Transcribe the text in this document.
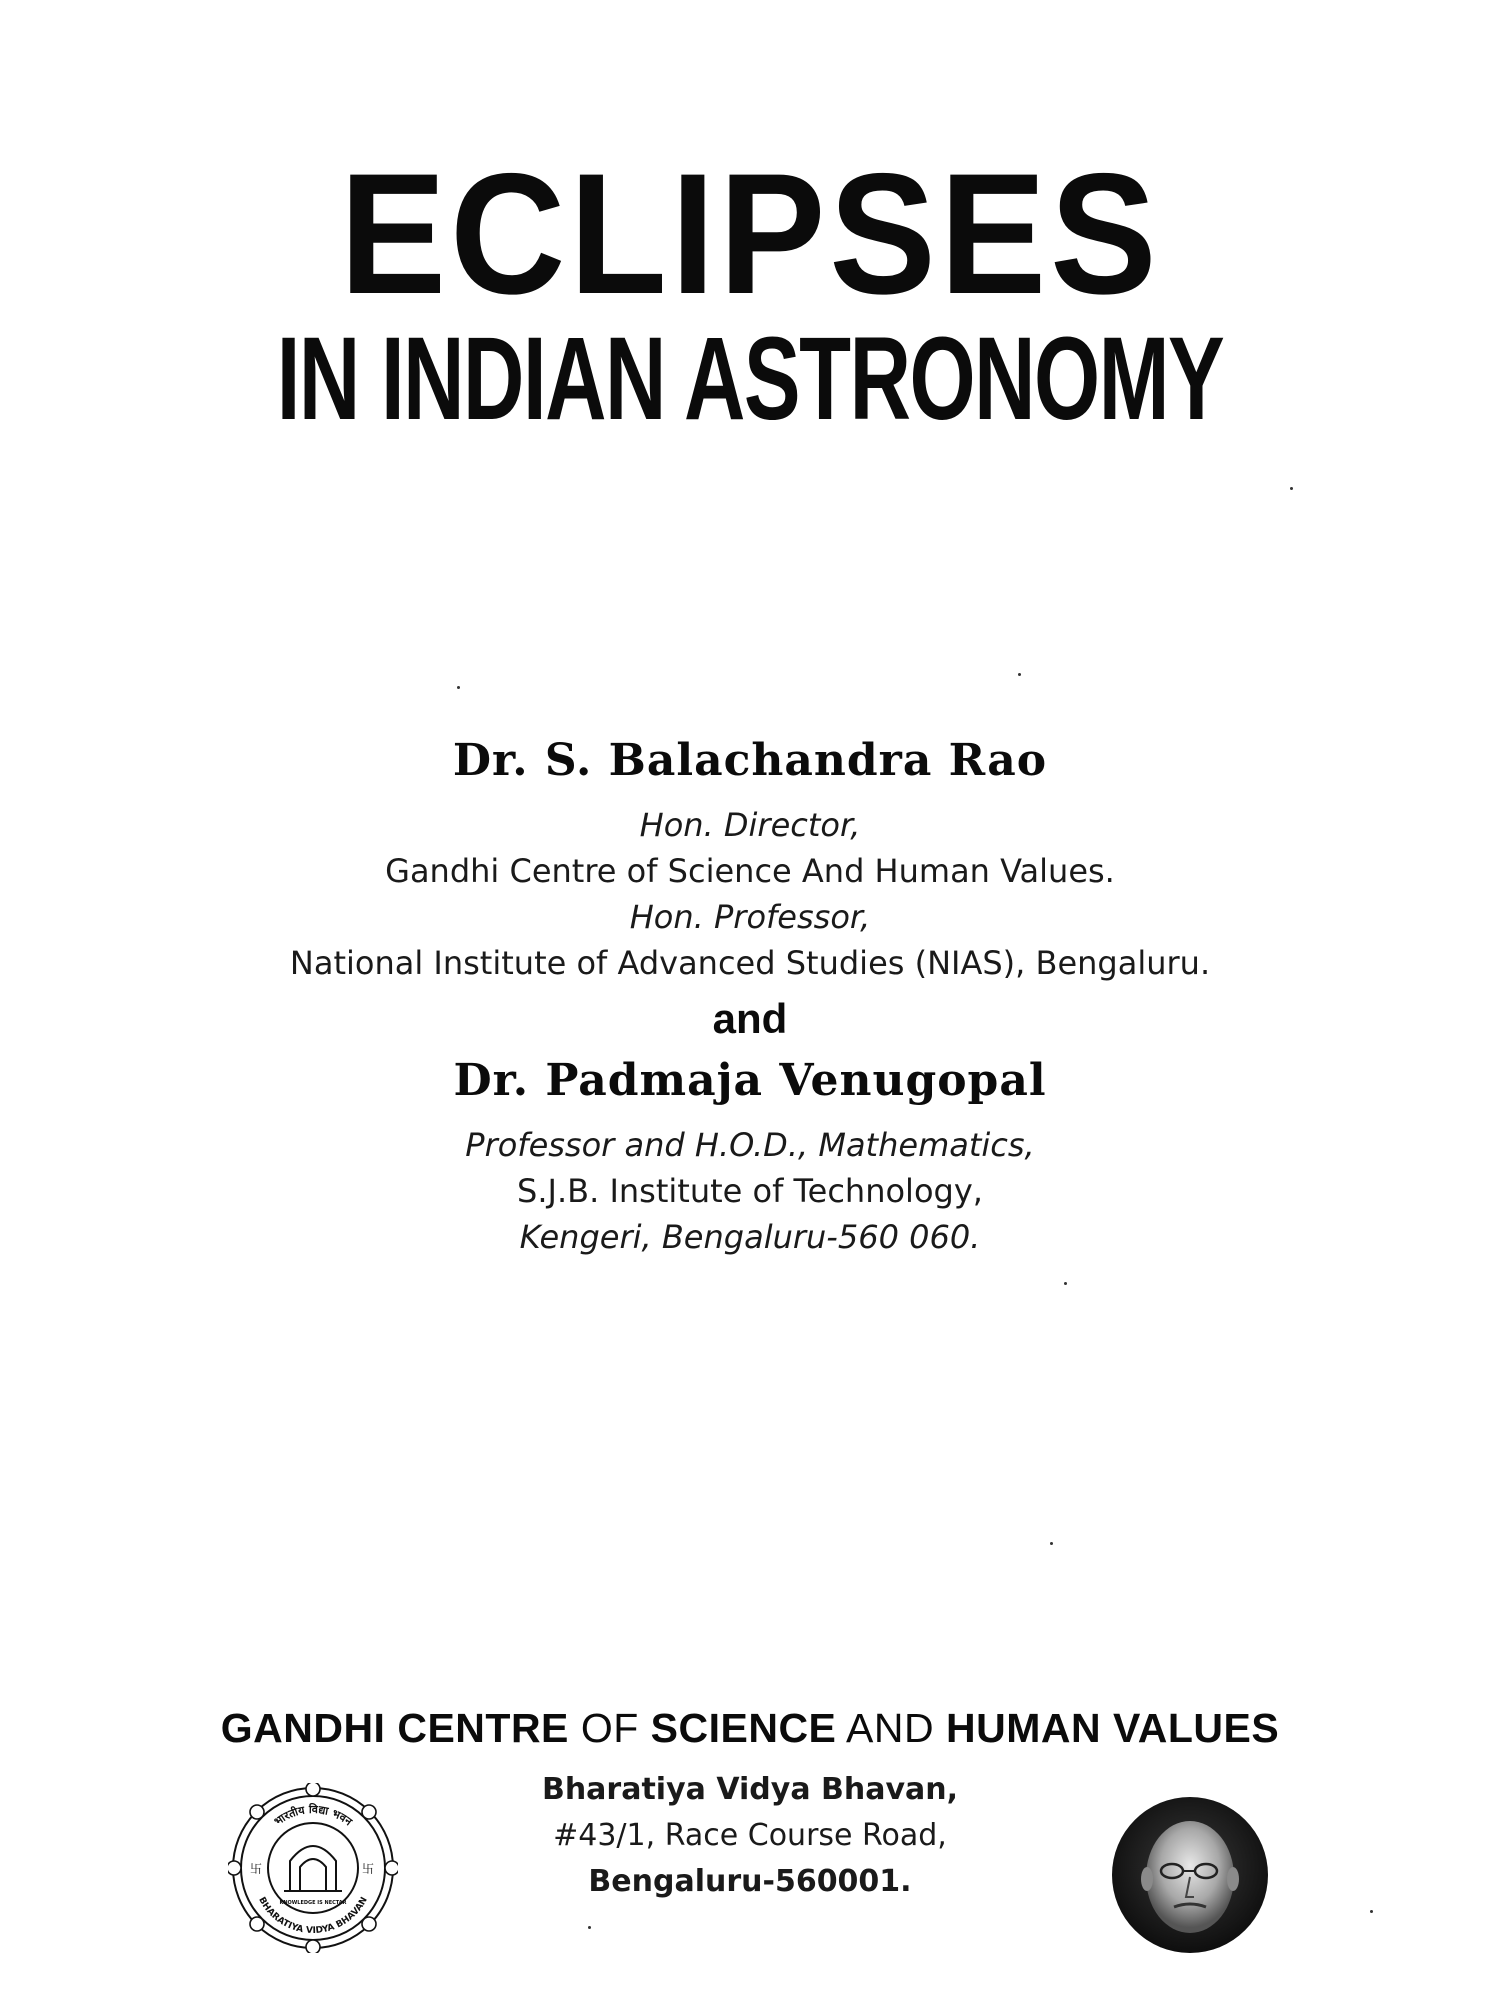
ECLIPSES
IN INDIAN ASTRONOMY
Dr. S. Balachandra Rao
Hon. Director,
Gandhi Centre of Science And Human Values.
Hon. Professor,
National Institute of Advanced Studies (NIAS), Bengaluru.
and
Dr. Padmaja Venugopal
Professor and H.O.D., Mathematics,
S.J.B. Institute of Technology,
Kengeri, Bengaluru-560 060.
GANDHI CENTRE OF SCIENCE AND HUMAN VALUES
Bharatiya Vidya Bhavan,
#43/1, Race Course Road,
Bengaluru-560001.
भारतीय विद्या भवन
BHARATIYA VIDYA BHAVAN
KNOWLEDGE IS NECTAR
卐	卐
